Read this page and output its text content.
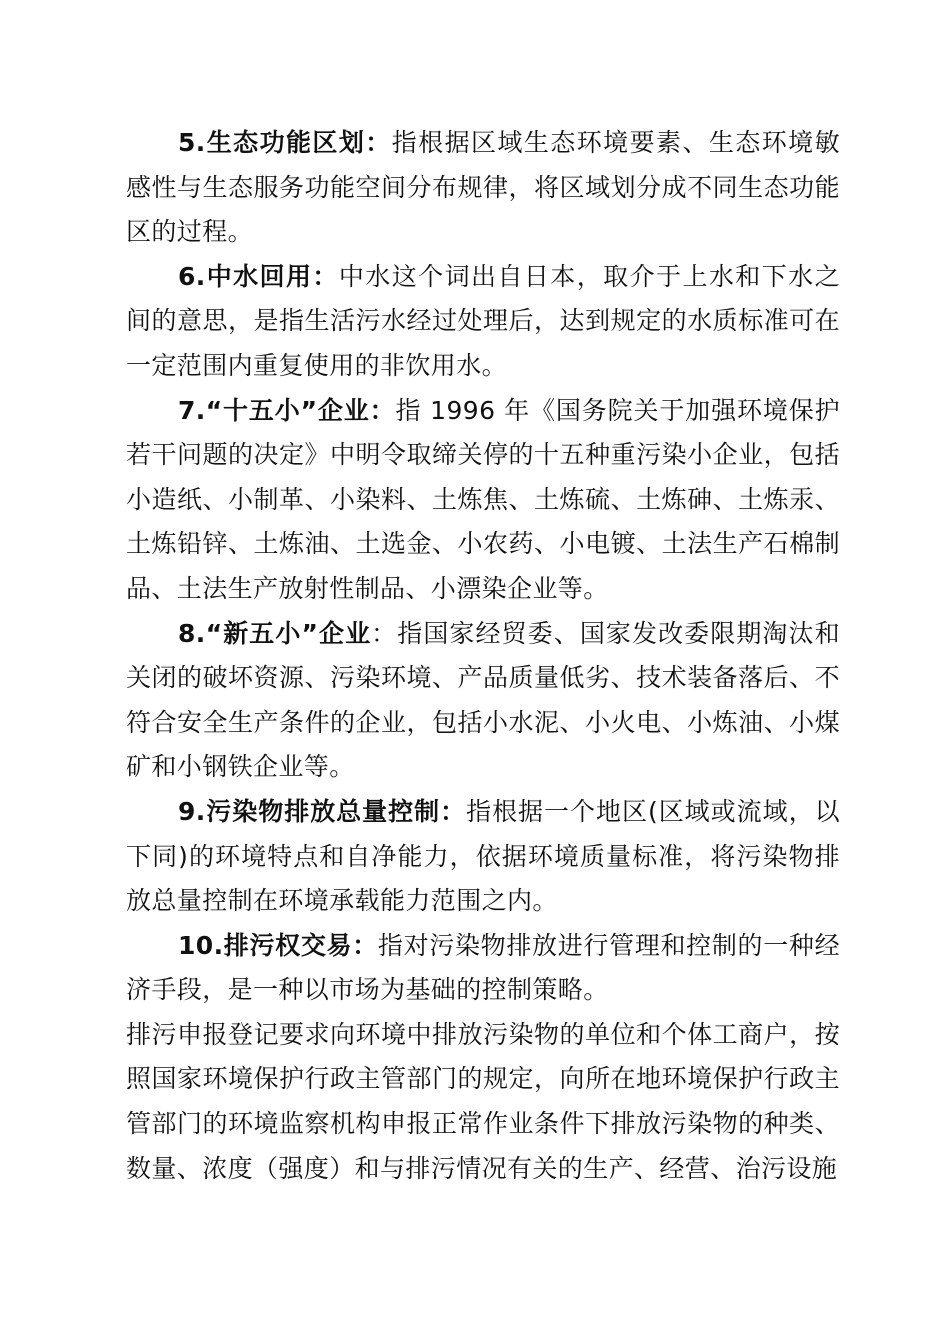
5.生态功能区划：指根据区域生态环境要素、生态环境敏感性与生态服务功能空间分布规律，将区域划分成不同生态功能区的过程。

6.中水回用：中水这个词出自日本，取介于上水和下水之间的意思，是指生活污水经过处理后，达到规定的水质标准可在一定范围内重复使用的非饮用水。

7.“十五小”企业：指 1996 年《国务院关于加强环境保护若干问题的决定》中明令取缔关停的十五种重污染小企业，包括小造纸、小制革、小染料、土炼焦、土炼硫、土炼砷、土炼汞、土炼铅锌、土炼油、土选金、小农药、小电镀、土法生产石棉制品、土法生产放射性制品、小漂染企业等。

8.“新五小”企业：指国家经贸委、国家发改委限期淘汰和关闭的破坏资源、污染环境、产品质量低劣、技术装备落后、不符合安全生产条件的企业，包括小水泥、小火电、小炼油、小煤矿和小钢铁企业等。

9.污染物排放总量控制：指根据一个地区(区域或流域，以下同)的环境特点和自净能力，依据环境质量标准，将污染物排放总量控制在环境承载能力范围之内。

10.排污权交易：指对污染物排放进行管理和控制的一种经济手段，是一种以市场为基础的控制策略。

排污申报登记要求向环境中排放污染物的单位和个体工商户，按照国家环境保护行政主管部门的规定，向所在地环境保护行政主管部门的环境监察机构申报正常作业条件下排放污染物的种类、数量、浓度（强度）和与排污情况有关的生产、经营、治污设施
